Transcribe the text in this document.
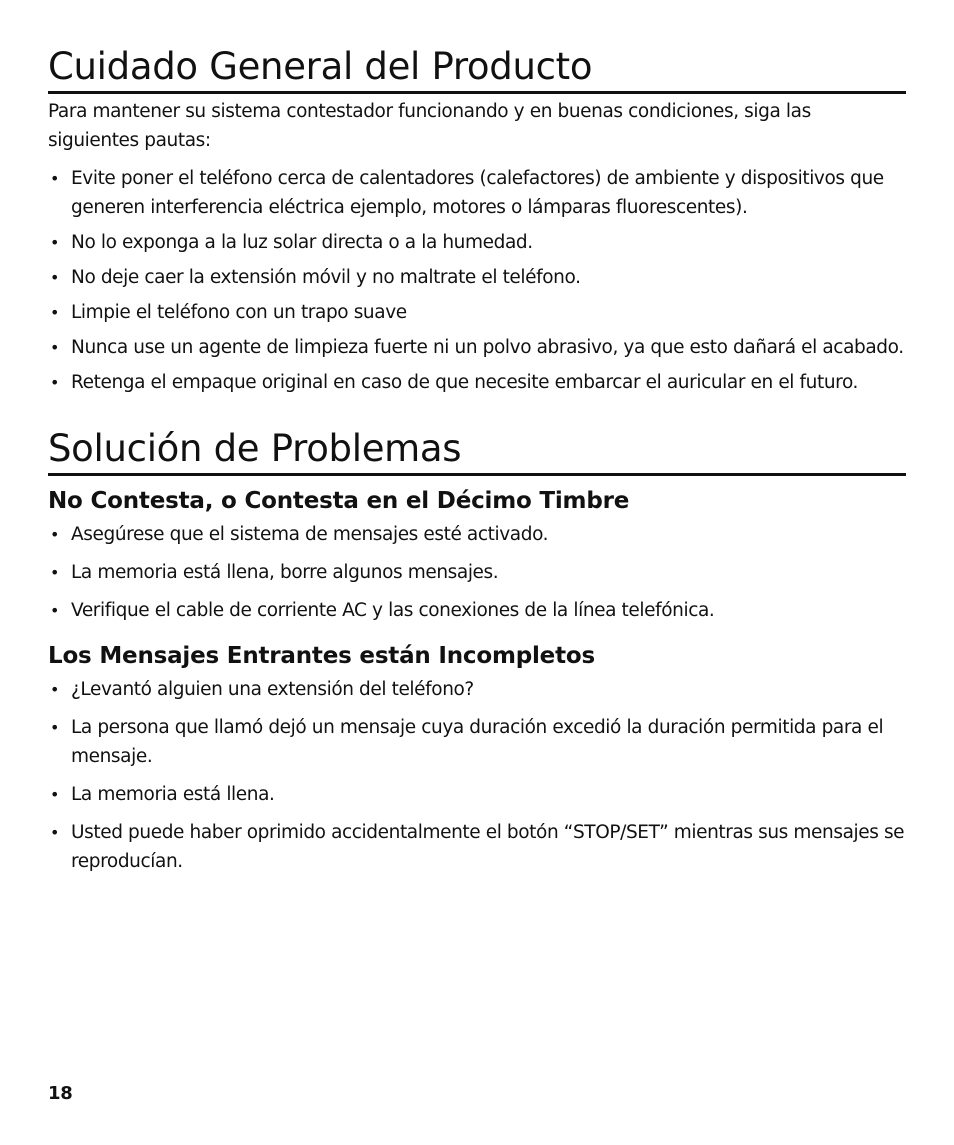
Cuidado General del Producto

Para mantener su sistema contestador funcionando y en buenas condiciones, siga las siguientes pautas:

• Evite poner el teléfono cerca de calentadores (calefactores) de ambiente y dispositivos que generen interferencia eléctrica ejemplo, motores o lámparas fluorescentes).
• No lo exponga a la luz solar directa o a la humedad.
• No deje caer la extensión móvil y no maltrate el teléfono.
• Limpie el teléfono con un trapo suave
• Nunca use un agente de limpieza fuerte ni un polvo abrasivo, ya que esto dañará el acabado.
• Retenga el empaque original en caso de que necesite embarcar el auricular en el futuro.
Solución de Problemas
No Contesta, o Contesta en el Décimo Timbre
• Asegúrese que el sistema de mensajes esté activado.
• La memoria está llena, borre algunos mensajes.
• Verifique el cable de corriente AC y las conexiones de la línea telefónica.
Los Mensajes Entrantes están Incompletos
• ¿Levantó alguien una extensión del teléfono?
• La persona que llamó dejó un mensaje cuya duración excedió la duración permitida para el mensaje.
• La memoria está llena.
• Usted puede haber oprimido accidentalmente el botón “STOP/SET” mientras sus mensajes se reproducían.
18
